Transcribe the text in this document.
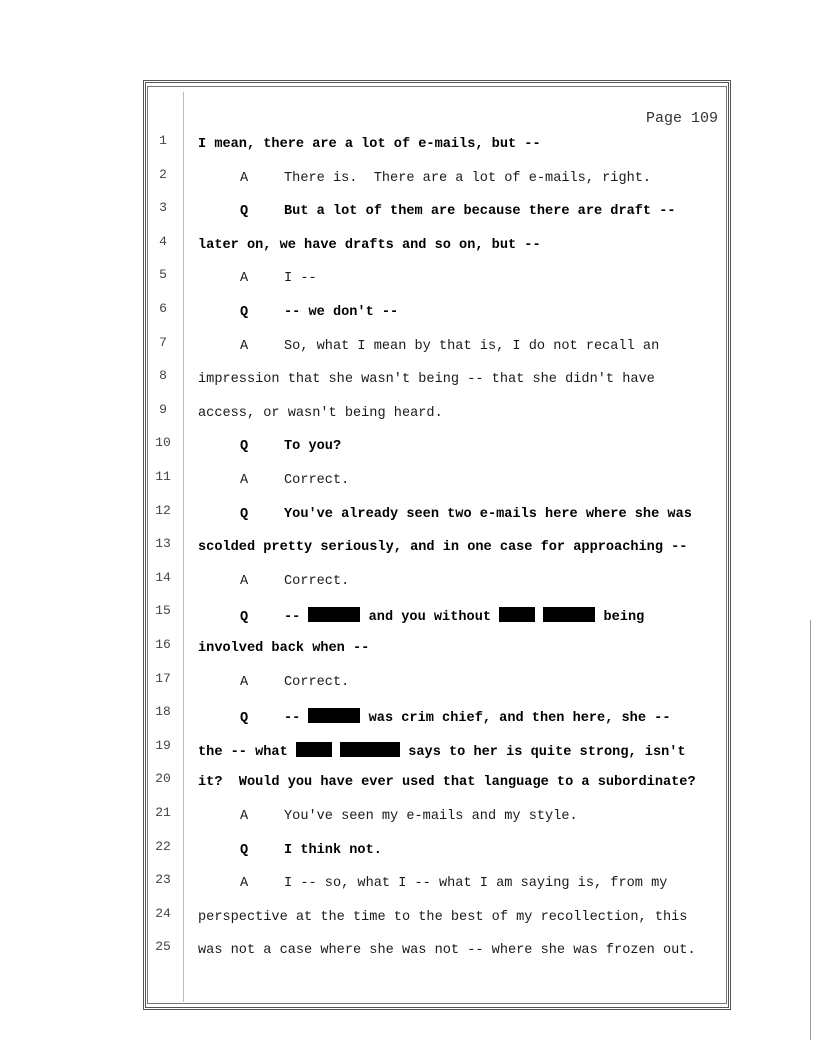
Page 109
1	I mean, there are a lot of e-mails, but --
2	A	There is.  There are a lot of e-mails, right.
3	Q	But a lot of them are because there are draft --
4	later on, we have drafts and so on, but --
5	A	I --
6	Q	-- we don't --
7	A	So, what I mean by that is, I do not recall an
8	impression that she wasn't being -- that she didn't have
9	access, or wasn't being heard.
10	Q	To you?
11	A	Correct.
12	Q	You've already seen two e-mails here where she was
13	scolded pretty seriously, and in one case for approaching --
14	A	Correct.
15	Q	--	and you without	being
16	involved back when --
17	A	Correct.
18	Q	--	was crim chief, and then here, she --
19	the -- what	says to her is quite strong, isn't
20	it?  Would you have ever used that language to a subordinate?
21	A	You've seen my e-mails and my style.
22	Q	I think not.
23	A	I -- so, what I -- what I am saying is, from my
24	perspective at the time to the best of my recollection, this
25	was not a case where she was not -- where she was frozen out.
